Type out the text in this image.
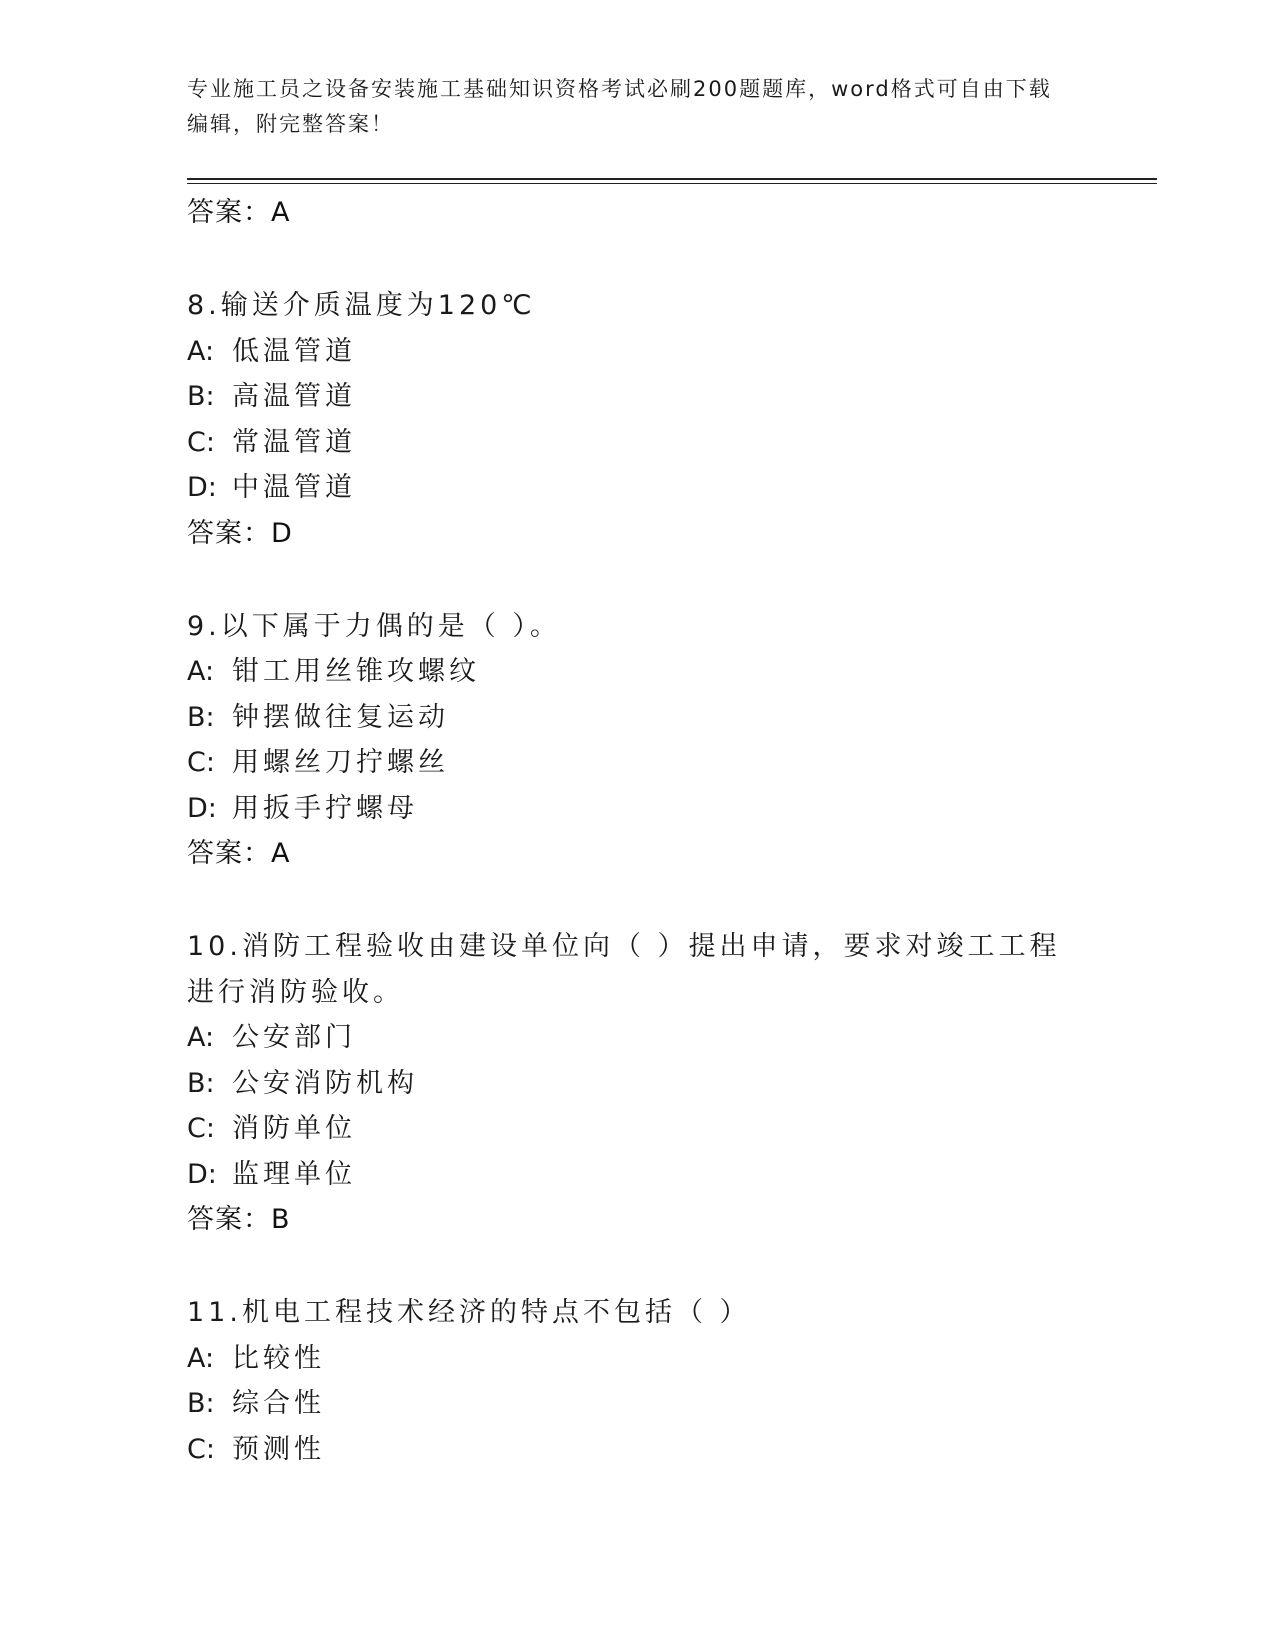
专业施工员之设备安装施工基础知识资格考试必刷200题题库，word格式可自由下载编辑，附完整答案！
答案：A
8.输送介质温度为120℃
A: 低温管道
B: 高温管道
C: 常温管道
D: 中温管道
答案：D
9.以下属于力偶的是（ ）。
A: 钳工用丝锥攻螺纹
B: 钟摆做往复运动
C: 用螺丝刀拧螺丝
D: 用扳手拧螺母
答案：A
10.消防工程验收由建设单位向（ ）提出申请，要求对竣工工程进行消防验收。
A: 公安部门
B: 公安消防机构
C: 消防单位
D: 监理单位
答案：B
11.机电工程技术经济的特点不包括（ ）
A: 比较性
B: 综合性
C: 预测性
